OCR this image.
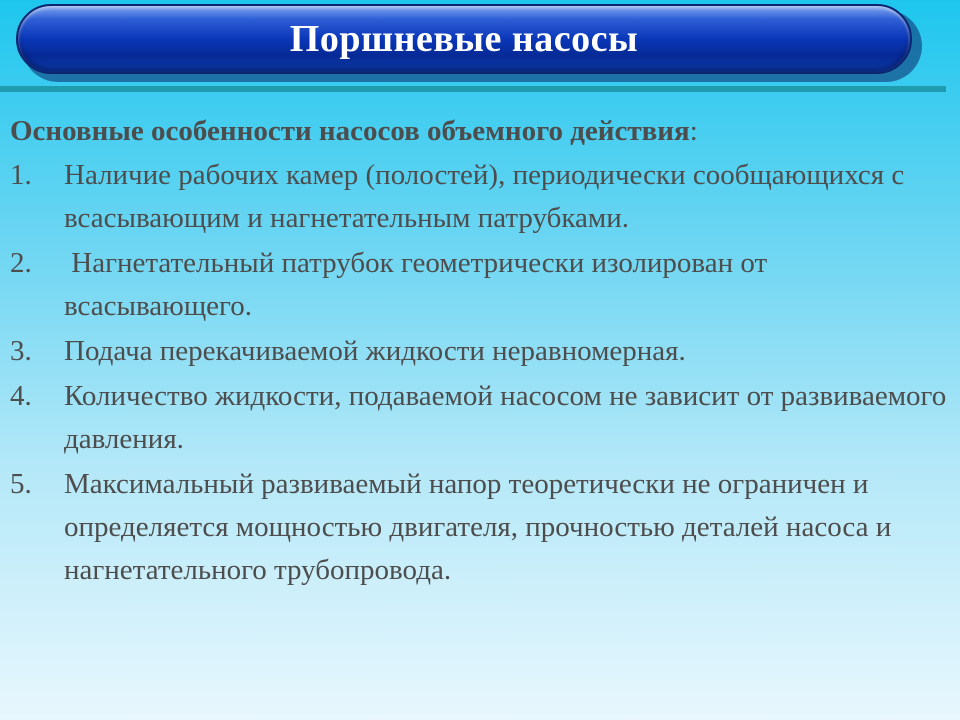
Поршневые насосы
Основные особенности насосов объемного действия:
1.	Наличие рабочих камер (полостей), периодически сообщающихся с всасывающим и нагнетательным патрубками.
2.	Нагнетательный патрубок геометрически изолирован от всасывающего.
3.	Подача перекачиваемой жидкости неравномерная.
4.	Количество жидкости, подаваемой насосом не зависит от развиваемого давления.
5.	Максимальный развиваемый напор теоретически не ограничен и определяется мощностью двигателя, прочностью деталей насоса и нагнетательного трубопровода.
